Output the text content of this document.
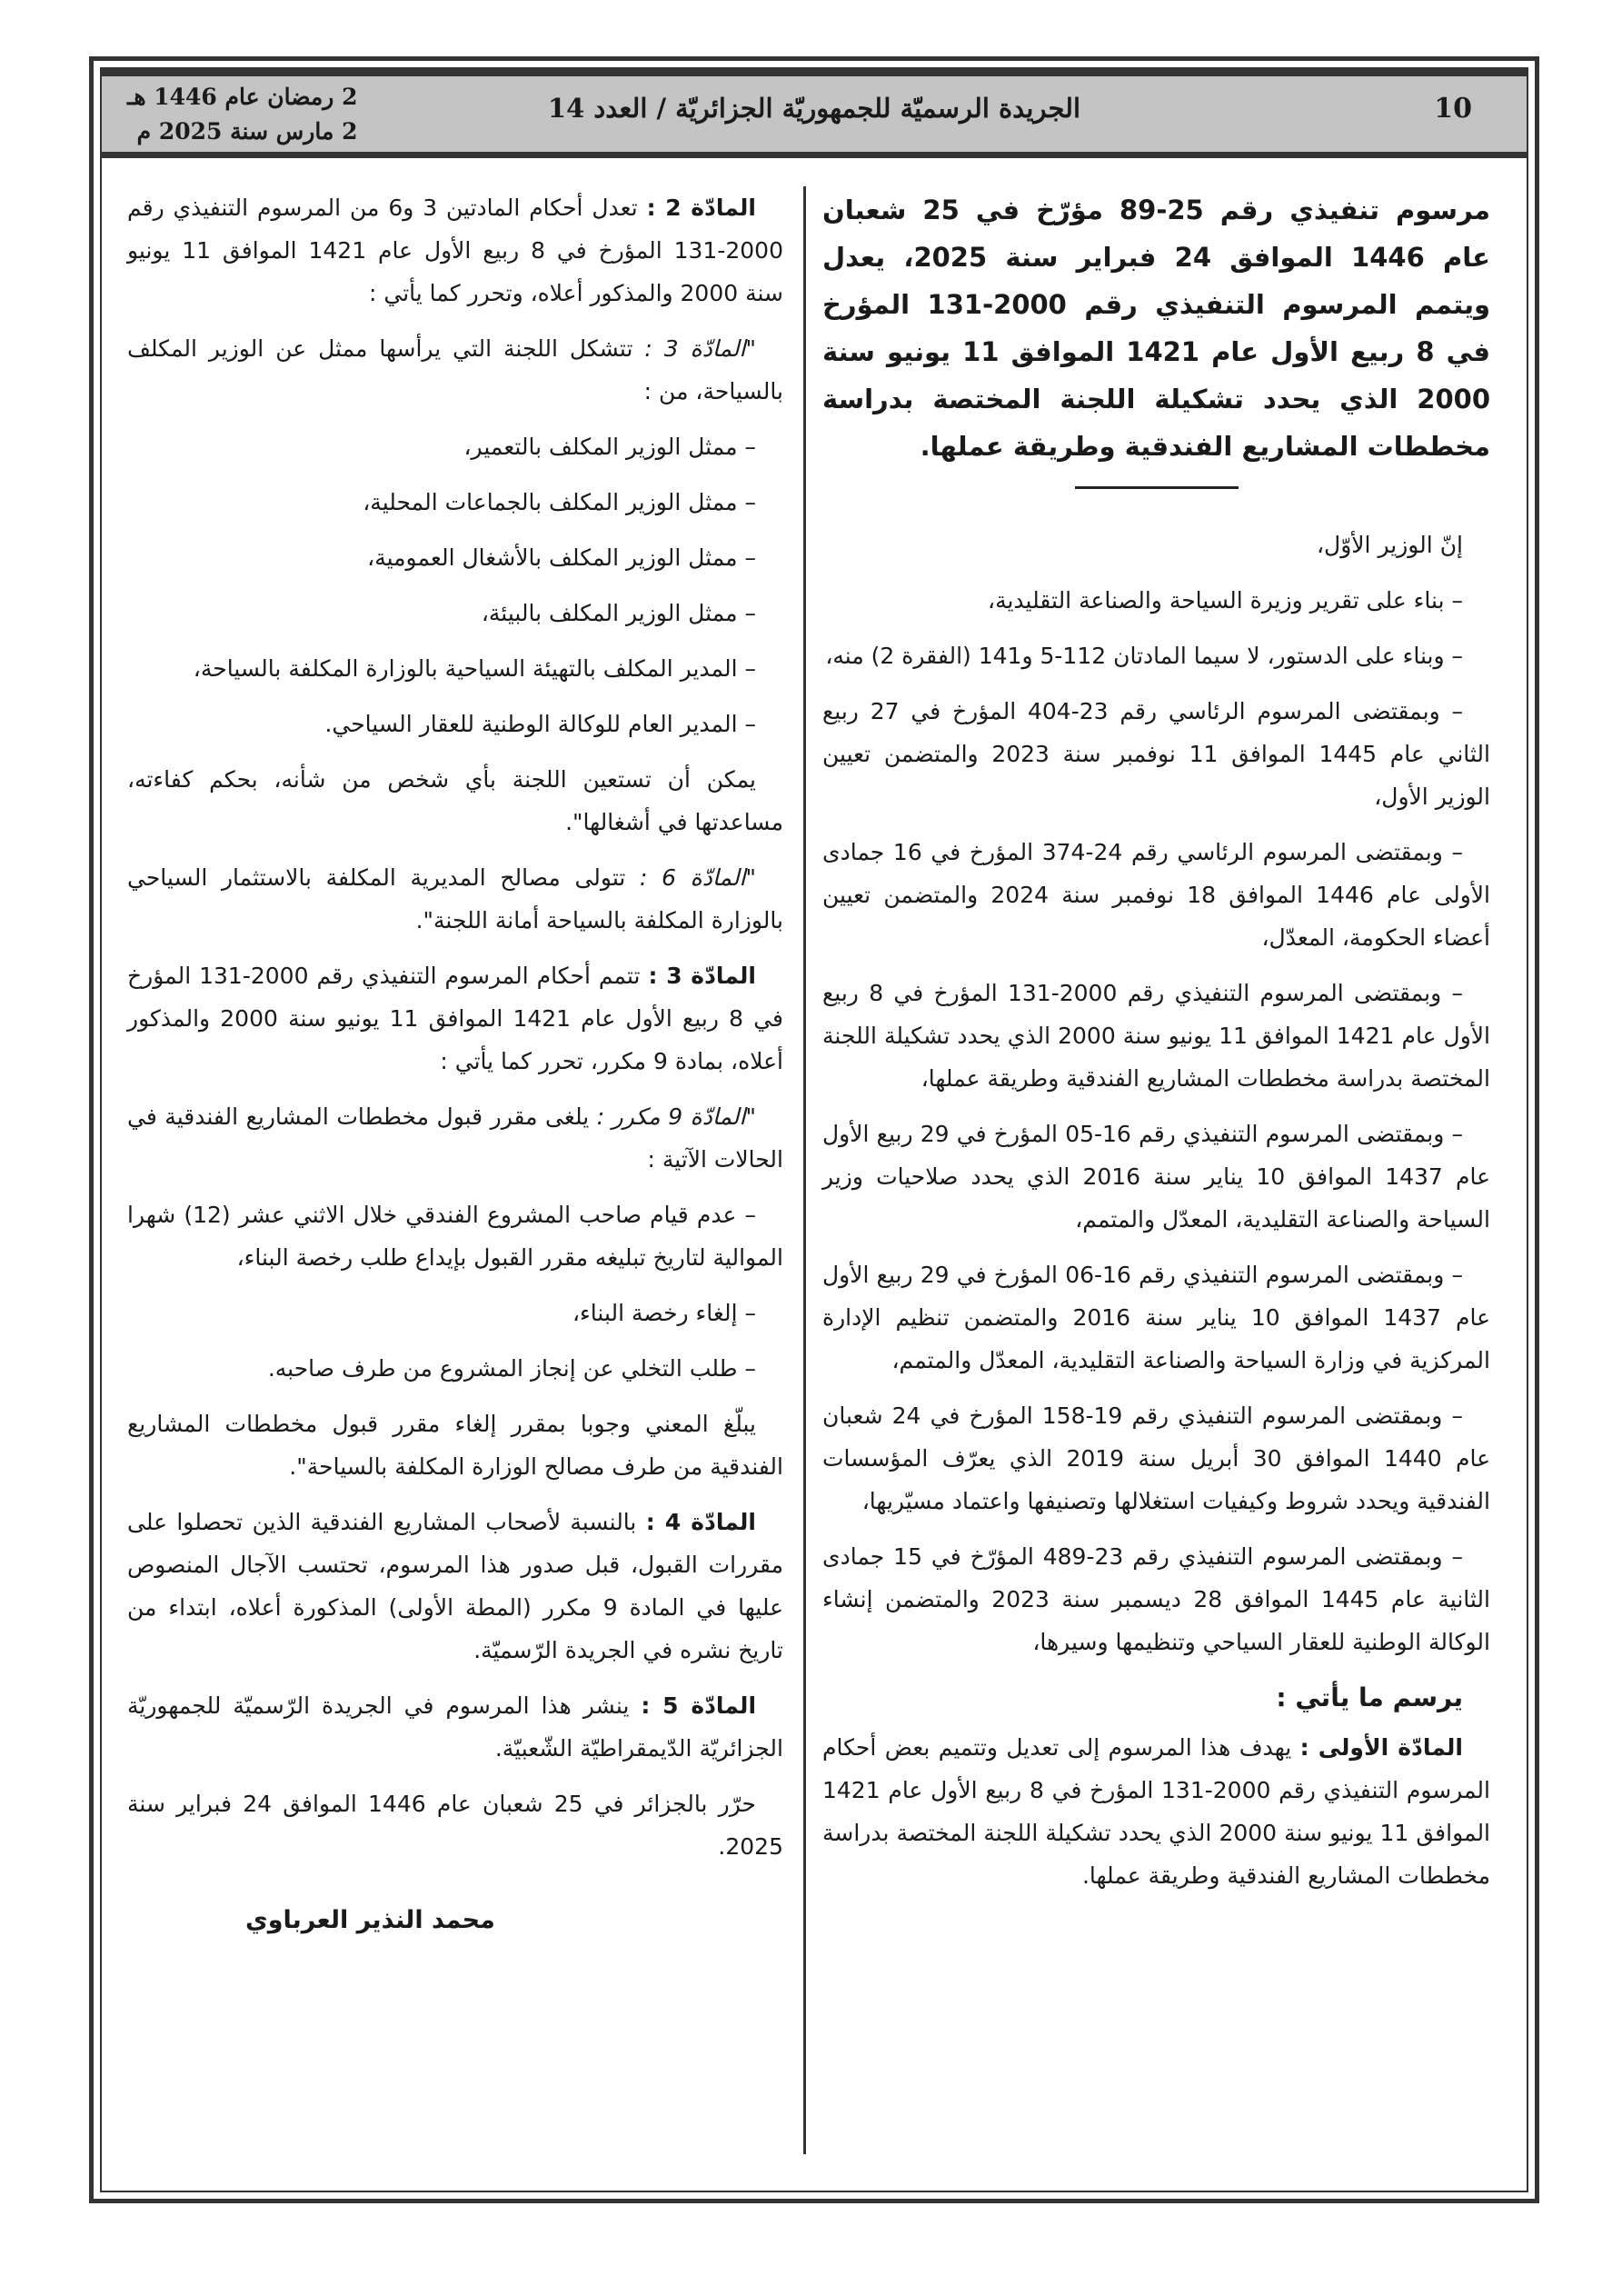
10
الجريدة الرسميّة للجمهوريّة الجزائريّة / العدد 14
2 رمضان عام 1446 هـ
2 مارس سنة 2025 م
مرسوم تنفيذي رقم 25-89 مؤرّخ في 25 شعبان عام 1446 الموافق 24 فبراير سنة 2025، يعدل ويتمم المرسوم التنفيذي رقم 2000-131 المؤرخ في 8 ربيع الأول عام 1421 الموافق 11 يونيو سنة 2000 الذي يحدد تشكيلة اللجنة المختصة بدراسة مخططات المشاريع الفندقية وطريقة عملها.
إنّ الوزير الأوّل،
– بناء على تقرير وزيرة السياحة والصناعة التقليدية،
– وبناء على الدستور، لا سيما المادتان 112-5 و141 (الفقرة 2) منه،
– وبمقتضى المرسوم الرئاسي رقم 23-404 المؤرخ في 27 ربيع الثاني عام 1445 الموافق 11 نوفمبر سنة 2023 والمتضمن تعيين الوزير الأول،
– وبمقتضى المرسوم الرئاسي رقم 24-374 المؤرخ في 16 جمادى الأولى عام 1446 الموافق 18 نوفمبر سنة 2024 والمتضمن تعيين أعضاء الحكومة، المعدّل،
– وبمقتضى المرسوم التنفيذي رقم 2000-131 المؤرخ في 8 ربيع الأول عام 1421 الموافق 11 يونيو سنة 2000 الذي يحدد تشكيلة اللجنة المختصة بدراسة مخططات المشاريع الفندقية وطريقة عملها،
– وبمقتضى المرسوم التنفيذي رقم 16-05 المؤرخ في 29 ربيع الأول عام 1437 الموافق 10 يناير سنة 2016 الذي يحدد صلاحيات وزير السياحة والصناعة التقليدية، المعدّل والمتمم،
– وبمقتضى المرسوم التنفيذي رقم 16-06 المؤرخ في 29 ربيع الأول عام 1437 الموافق 10 يناير سنة 2016 والمتضمن تنظيم الإدارة المركزية في وزارة السياحة والصناعة التقليدية، المعدّل والمتمم،
– وبمقتضى المرسوم التنفيذي رقم 19-158 المؤرخ في 24 شعبان عام 1440 الموافق 30 أبريل سنة 2019 الذي يعرّف المؤسسات الفندقية ويحدد شروط وكيفيات استغلالها وتصنيفها واعتماد مسيّريها،
– وبمقتضى المرسوم التنفيذي رقم 23-489 المؤرّخ في 15 جمادى الثانية عام 1445 الموافق 28 ديسمبر سنة 2023 والمتضمن إنشاء الوكالة الوطنية للعقار السياحي وتنظيمها وسيرها،
يرسم ما يأتي :
المادّة الأولى : يهدف هذا المرسوم إلى تعديل وتتميم بعض أحكام المرسوم التنفيذي رقم 2000-131 المؤرخ في 8 ربيع الأول عام 1421 الموافق 11 يونيو سنة 2000 الذي يحدد تشكيلة اللجنة المختصة بدراسة مخططات المشاريع الفندقية وطريقة عملها.
المادّة 2 : تعدل أحكام المادتين 3 و6 من المرسوم التنفيذي رقم 2000-131 المؤرخ في 8 ربيع الأول عام 1421 الموافق 11 يونيو سنة 2000 والمذكور أعلاه، وتحرر كما يأتي :
"المادّة 3 : تتشكل اللجنة التي يرأسها ممثل عن الوزير المكلف بالسياحة، من :
– ممثل الوزير المكلف بالتعمير،
– ممثل الوزير المكلف بالجماعات المحلية،
– ممثل الوزير المكلف بالأشغال العمومية،
– ممثل الوزير المكلف بالبيئة،
– المدير المكلف بالتهيئة السياحية بالوزارة المكلفة بالسياحة،
– المدير العام للوكالة الوطنية للعقار السياحي.
يمكن أن تستعين اللجنة بأي شخص من شأنه، بحكم كفاءته، مساعدتها في أشغالها".
"المادّة 6 : تتولى مصالح المديرية المكلفة بالاستثمار السياحي بالوزارة المكلفة بالسياحة أمانة اللجنة".
المادّة 3 : تتمم أحكام المرسوم التنفيذي رقم 2000-131 المؤرخ في 8 ربيع الأول عام 1421 الموافق 11 يونيو سنة 2000 والمذكور أعلاه، بمادة 9 مكرر، تحرر كما يأتي :
"المادّة 9 مكرر : يلغى مقرر قبول مخططات المشاريع الفندقية في الحالات الآتية :
– عدم قيام صاحب المشروع الفندقي خلال الاثني عشر (12) شهرا الموالية لتاريخ تبليغه مقرر القبول بإيداع طلب رخصة البناء،
– إلغاء رخصة البناء،
– طلب التخلي عن إنجاز المشروع من طرف صاحبه.
يبلّغ المعني وجوبا بمقرر إلغاء مقرر قبول مخططات المشاريع الفندقية من طرف مصالح الوزارة المكلفة بالسياحة".
المادّة 4 : بالنسبة لأصحاب المشاريع الفندقية الذين تحصلوا على مقررات القبول، قبل صدور هذا المرسوم، تحتسب الآجال المنصوص عليها في المادة 9 مكرر (المطة الأولى) المذكورة أعلاه، ابتداء من تاريخ نشره في الجريدة الرّسميّة.
المادّة 5 : ينشر هذا المرسوم في الجريدة الرّسميّة للجمهوريّة الجزائريّة الدّيمقراطيّة الشّعبيّة.
حرّر بالجزائر في 25 شعبان عام 1446 الموافق 24 فبراير سنة 2025.
محمد النذير العرباوي
